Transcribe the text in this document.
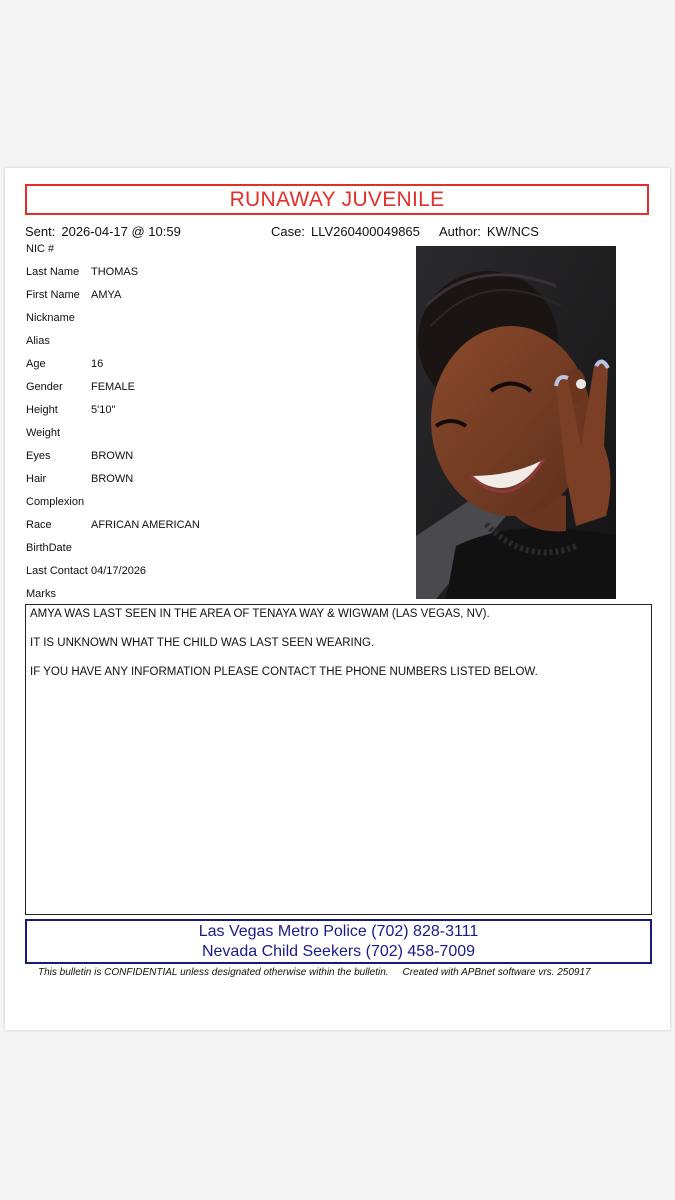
RUNAWAY JUVENILE
Sent: 2026-04-17 @ 10:59	Case: LLV260400049865 Author: KW/NCS
NIC #
Last Name THOMAS
First Name AMYA
Nickname
Alias
Age	16
Gender	FEMALE
Height	5'10"
Weight
Eyes	BROWN
Hair	BROWN
Complexion
Race	AFRICAN AMERICAN
BirthDate
Last Contact 04/17/2026
Marks

AMYA WAS LAST SEEN IN THE AREA OF TENAYA WAY & WIGWAM (LAS VEGAS, NV).

IT IS UNKNOWN WHAT THE CHILD WAS LAST SEEN WEARING.

IF YOU HAVE ANY INFORMATION PLEASE CONTACT THE PHONE NUMBERS LISTED BELOW.

Las Vegas Metro Police (702) 828-3111
Nevada Child Seekers (702) 458-7009
This bulletin is CONFIDENTIAL unless designated otherwise within the bulletin. Created with APBnet software vrs. 250917
